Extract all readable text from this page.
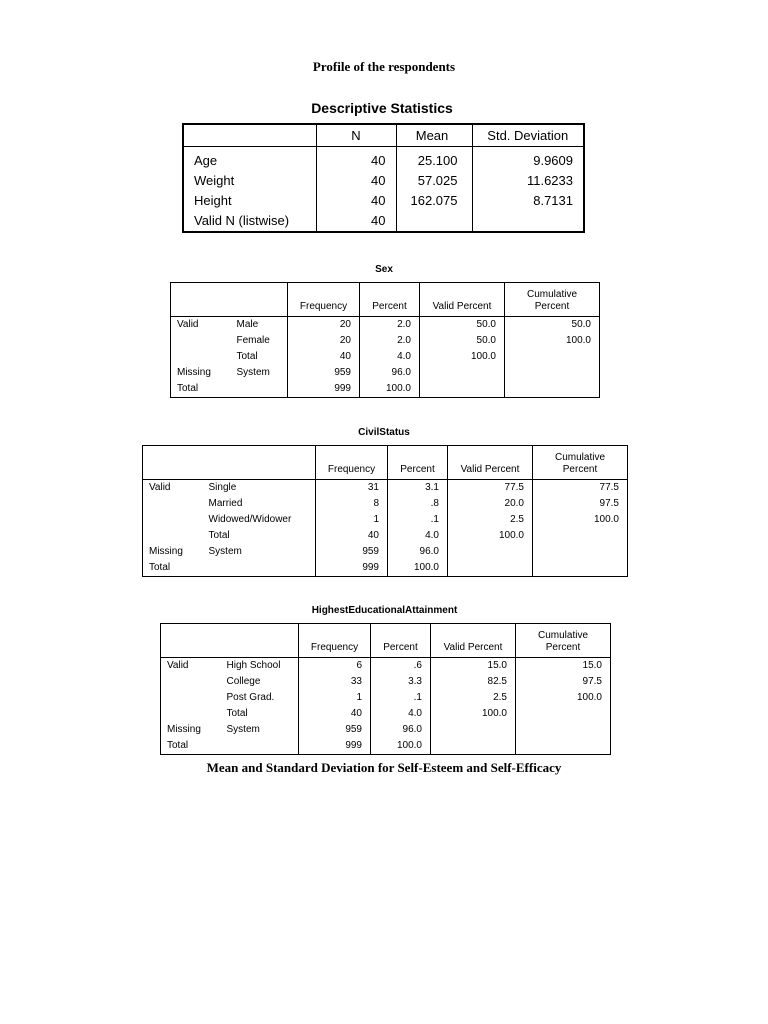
Profile of the respondents
Descriptive Statistics
	N	Mean	Std. Deviation
Age	40	25.100	9.9609
Weight	40	57.025	11.6233
Height	40	162.075	8.7131
Valid N (listwise)	40		
Sex
		Frequency	Percent	Valid Percent	Cumulative
Percent
Valid	Male	20	2.0	50.0	50.0
	Female	20	2.0	50.0	100.0
	Total	40	4.0	100.0	
Missing	System	959	96.0		
Total		999	100.0		
CivilStatus
		Frequency	Percent	Valid Percent	Cumulative
Percent
Valid	Single	31	3.1	77.5	77.5
	Married	8	.8	20.0	97.5
	Widowed/Widower	1	.1	2.5	100.0
	Total	40	4.0	100.0	
Missing	System	959	96.0		
Total		999	100.0		
HighestEducationalAttainment
		Frequency	Percent	Valid Percent	Cumulative
Percent
Valid	High School	6	.6	15.0	15.0
	College	33	3.3	82.5	97.5
	Post Grad.	1	.1	2.5	100.0
	Total	40	4.0	100.0	
Missing	System	959	96.0		
Total		999	100.0		
Mean and Standard Deviation for Self-Esteem and Self-Efficacy
